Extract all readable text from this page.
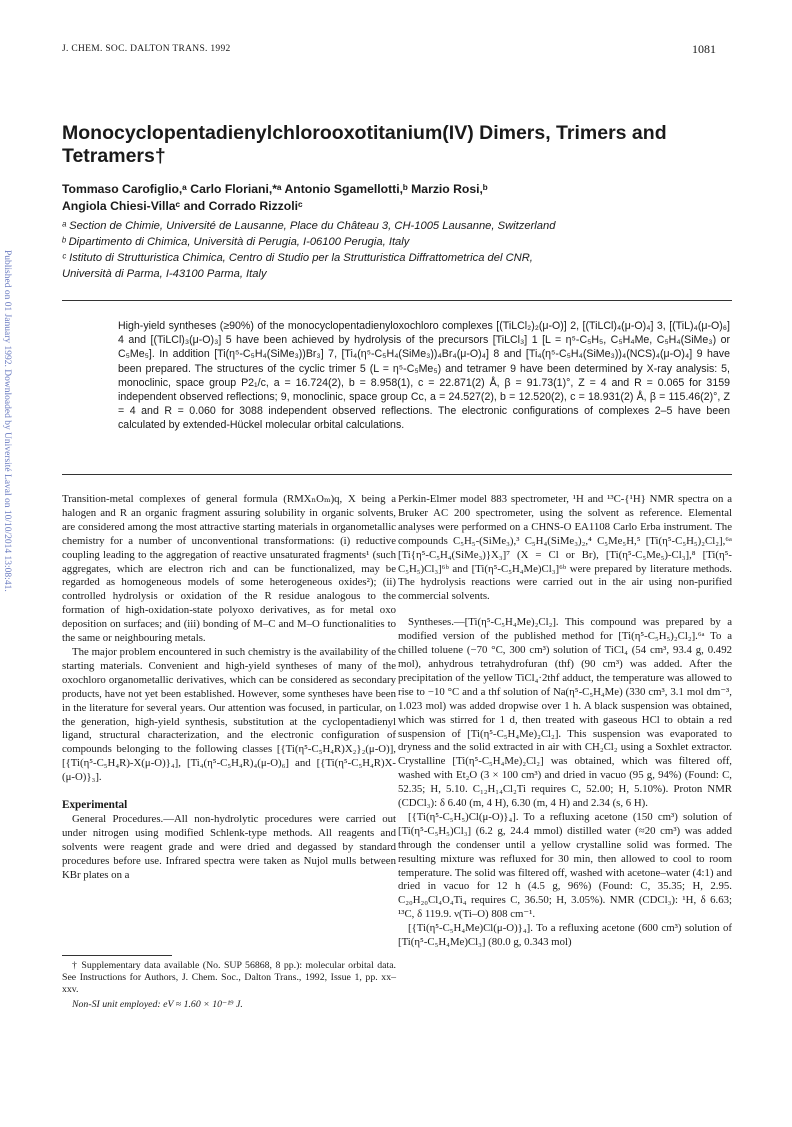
J. CHEM. SOC. DALTON TRANS. 1992	1081
Published on 01 January 1992. Downloaded by Université Laval on 10/10/2014 13:08:41.
Monocyclopentadienylchlorooxotitanium(IV) Dimers, Trimers and Tetramers†
Tommaso Carofiglio,ᵃ Carlo Floriani,*ᵃ Antonio Sgamellotti,ᵇ Marzio Rosi,ᵇ
Angiola Chiesi-Villaᶜ and Corrado Rizzoliᶜ
ᵃ Section de Chimie, Université de Lausanne, Place du Château 3, CH-1005 Lausanne, Switzerland
ᵇ Dipartimento di Chimica, Università di Perugia, I-06100 Perugia, Italy
ᶜ Istituto di Strutturistica Chimica, Centro di Studio per la Strutturistica Diffrattometrica del CNR,
Università di Parma, I-43100 Parma, Italy
High-yield syntheses (≥90%) of the monocyclopentadienyloxochloro complexes [(TiLCl₂)₂(μ-O)] 2, [(TiLCl)₄(μ-O)₄] 3, [(TiL)₄(μ-O)₆] 4 and [(TiLCl)₃(μ-O)₃] 5 have been achieved by hydrolysis of the precursors [TiLCl₃] 1 [L = η⁵-C₅H₅, C₅H₄Me, C₅H₄(SiMe₃) or C₅Me₅]. In addition [Ti(η⁵-C₅H₄(SiMe₃))Br₃] 7, [Ti₄(η⁵-C₅H₄(SiMe₃))₄Br₄(μ-O)₄] 8 and [Ti₄(η⁵-C₅H₄(SiMe₃))₄(NCS)₄(μ-O)₄] 9 have been prepared. The structures of the cyclic trimer 5 (L = η⁵-C₅Me₅) and tetramer 9 have been determined by X-ray analysis: 5, monoclinic, space group P2₁/c, a = 16.724(2), b = 8.958(1), c = 22.871(2) Å, β = 91.73(1)°, Z = 4 and R = 0.065 for 3159 independent observed reflections; 9, monoclinic, space group Cc, a = 24.527(2), b = 12.520(2), c = 18.931(2) Å, β = 115.46(2)°, Z = 4 and R = 0.060 for 3088 independent observed reflections. The electronic configurations of complexes 2–5 have been calculated by extended-Hückel molecular orbital calculations.

Transition-metal complexes of general formula (RMXₙOₘ)q, X being a halogen and R an organic fragment assuring solubility in organic solvents, are considered among the most attractive starting materials in organometallic chemistry for a number of unconventional transformations: (i) reductive coupling leading to the aggregation of reactive unsaturated fragments¹ (such aggregates, which are electron rich and can be functionalized, may be regarded as homogeneous models of some heterogeneous oxides²); (ii) controlled hydrolysis or oxidation of the R residue analogous to the formation of high-oxidation-state polyoxo derivatives, as for metal oxo deposition on surfaces; and (iii) bonding of M–C and M–O functionalities to the same or neighbouring metals.

The major problem encountered in such chemistry is the availability of the starting materials. Convenient and high-yield syntheses of many of the oxochloro organometallic derivatives, which can be considered as secondary products, have not yet been established. However, some syntheses have been in the literature for several years. Our attention was focused, in particular, on the generation, high-yield synthesis, substitution at the cyclopentadienyl ligand, structural characterization, and the electronic configuration of compounds belonging to the following classes [{Ti(η⁵-C₅H₄R)X₂}₂(μ-O)], [{Ti(η⁵-C₅H₄R)-X(μ-O)}₄], [Ti₄(η⁵-C₅H₄R)₄(μ-O)₆] and [{Ti(η⁵-C₅H₄R)X-(μ-O)}₃].

Experimental

General Procedures.—All non-hydrolytic procedures were carried out under nitrogen using modified Schlenk-type methods. All reagents and solvents were reagent grade and were dried and degassed by standard procedures before use. Infrared spectra were taken as Nujol mulls between KBr plates on a

Perkin-Elmer model 883 spectrometer, ¹H and ¹³C-{¹H} NMR spectra on a Bruker AC 200 spectrometer, using the solvent as reference. Elemental analyses were performed on a CHNS-O EA1108 Carlo Erba instrument. The compounds C₅H₅-(SiMe₃),³ C₅H₄(SiMe₃)₂,⁴ C₅Me₅H,⁵ [Ti(η⁵-C₅H₅)₂Cl₂],⁶ᵃ [Ti{η⁵-C₅H₄(SiMe₃)}X₃]⁷ (X = Cl or Br), [Ti(η⁵-C₅Me₅)-Cl₃],⁸ [Ti(η⁵-C₅H₅)Cl₃]⁶ᵇ and [Ti(η⁵-C₅H₄Me)Cl₃]⁶ᵇ were prepared by literature methods. The hydrolysis reactions were carried out in the air using non-purified commercial solvents.

Syntheses.—[Ti(η⁵-C₅H₄Me)₂Cl₂]. This compound was prepared by a modified version of the published method for [Ti(η⁵-C₅H₅)₂Cl₂].⁶ᵃ To a chilled toluene (−70 °C, 300 cm³) solution of TiCl₄ (54 cm³, 93.4 g, 0.492 mol), anhydrous tetrahydrofuran (thf) (90 cm³) was added. After the precipitation of the yellow TiCl₄·2thf adduct, the temperature was allowed to rise to −10 °C and a thf solution of Na(η⁵-C₅H₄Me) (330 cm³, 3.1 mol dm⁻³, 1.023 mol) was added dropwise over 1 h. A black suspension was obtained, which was stirred for 1 d, then treated with gaseous HCl to obtain a red suspension of [Ti(η⁵-C₅H₄Me)₂Cl₂]. This suspension was evaporated to dryness and the solid extracted in air with CH₂Cl₂ using a Soxhlet extractor. Crystalline [Ti(η⁵-C₅H₄Me)₂Cl₂] was obtained, which was filtered off, washed with Et₂O (3 × 100 cm³) and dried in vacuo (95 g, 94%) (Found: C, 52.35; H, 5.10. C₁₂H₁₄Cl₂Ti requires C, 52.00; H, 5.10%). Proton NMR (CDCl₃): δ 6.40 (m, 4 H), 6.30 (m, 4 H) and 2.34 (s, 6 H).

[{Ti(η⁵-C₅H₅)Cl(μ-O)}₄]. To a refluxing acetone (150 cm³) solution of [Ti(η⁵-C₅H₅)Cl₃] (6.2 g, 24.4 mmol) distilled water (≈20 cm³) was added through the condenser until a yellow crystalline solid was formed. The resulting mixture was refluxed for 30 min, then allowed to cool to room temperature. The solid was filtered off, washed with acetone–water (4:1) and dried in vacuo for 12 h (4.5 g, 96%) (Found: C, 35.35; H, 2.95. C₂₀H₂₀Cl₄O₄Ti₄ requires C, 36.50; H, 3.05%). NMR (CDCl₃): ¹H, δ 6.63; ¹³C, δ 119.9. ν(Ti–O) 808 cm⁻¹.

[{Ti(η⁵-C₅H₄Me)Cl(μ-O)}₄]. To a refluxing acetone (600 cm³) solution of [Ti(η⁵-C₅H₄Me)Cl₃] (80.0 g, 0.343 mol)

† Supplementary data available (No. SUP 56868, 8 pp.): molecular orbital data. See Instructions for Authors, J. Chem. Soc., Dalton Trans., 1992, Issue 1, pp. xx–xxv.

Non-SI unit employed: eV ≈ 1.60 × 10⁻¹⁹ J.
